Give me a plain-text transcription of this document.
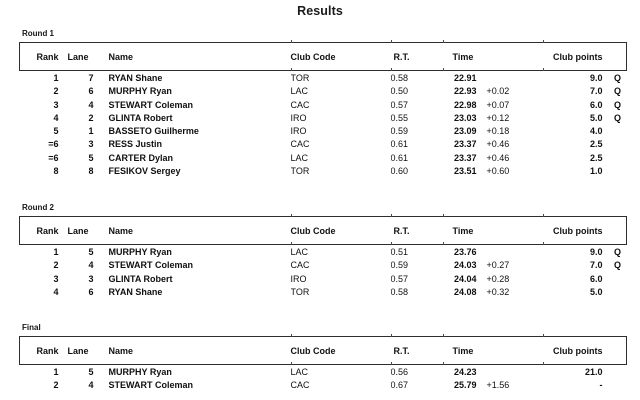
Results
Round 1
Rank	Lane	Name	Club Code	R.T.	Time		Club points	
1	7	RYAN Shane	TOR	0.58	22.91		9.0	Q
2	6	MURPHY Ryan	LAC	0.50	22.93	+0.02	7.0	Q
3	4	STEWART Coleman	CAC	0.57	22.98	+0.07	6.0	Q
4	2	GLINTA Robert	IRO	0.55	23.03	+0.12	5.0	Q
5	1	BASSETO Guilherme	IRO	0.59	23.09	+0.18	4.0	
=6	3	RESS Justin	CAC	0.61	23.37	+0.46	2.5	
=6	5	CARTER Dylan	LAC	0.61	23.37	+0.46	2.5	
8	8	FESIKOV Sergey	TOR	0.60	23.51	+0.60	1.0	
Round 2
Rank	Lane	Name	Club Code	R.T.	Time		Club points	
1	5	MURPHY Ryan	LAC	0.51	23.76		9.0	Q
2	4	STEWART Coleman	CAC	0.59	24.03	+0.27	7.0	Q
3	3	GLINTA Robert	IRO	0.57	24.04	+0.28	6.0	
4	6	RYAN Shane	TOR	0.58	24.08	+0.32	5.0	
Final
Rank	Lane	Name	Club Code	R.T.	Time		Club points	
1	5	MURPHY Ryan	LAC	0.56	24.23		21.0	
2	4	STEWART Coleman	CAC	0.67	25.79	+1.56	-	
